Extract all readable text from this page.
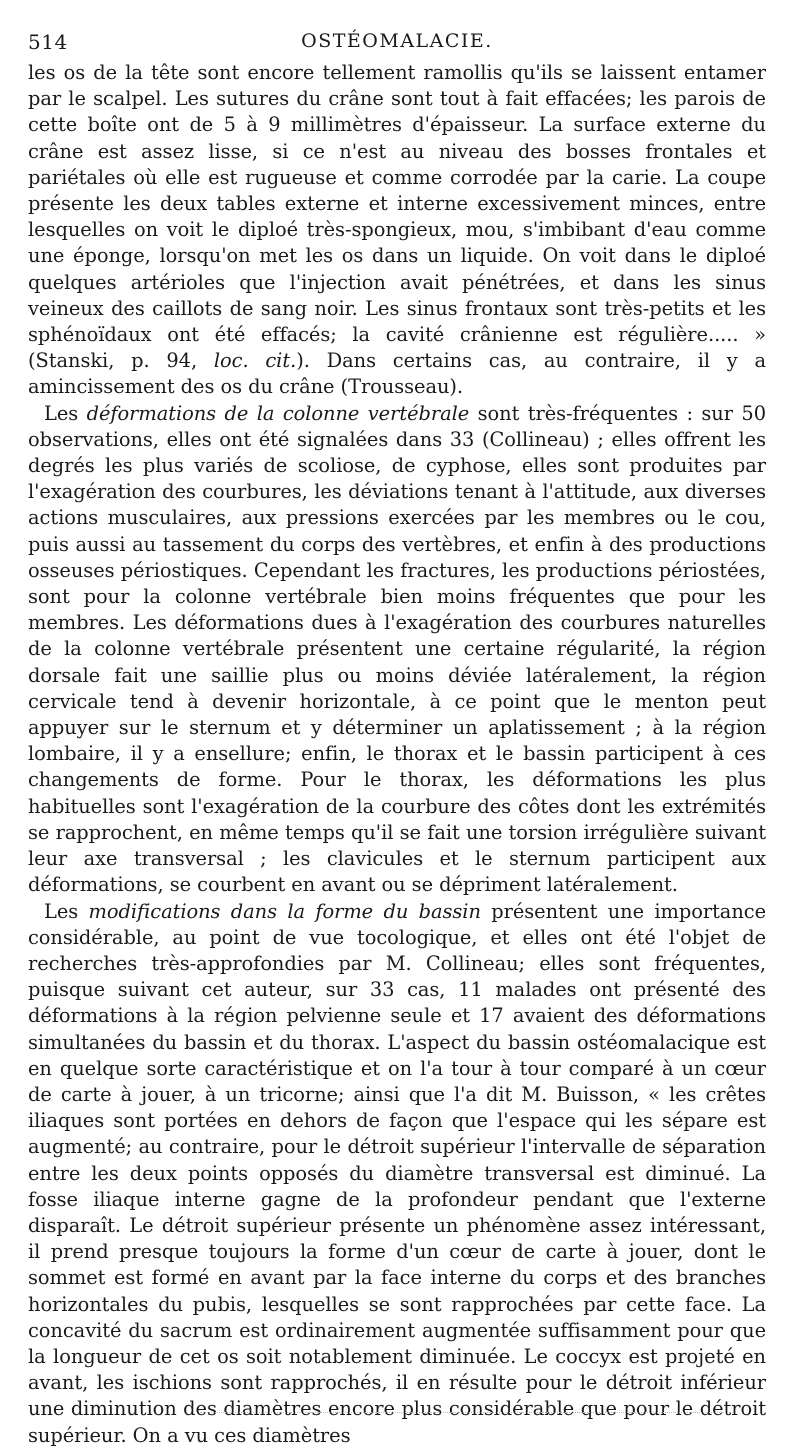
514	OSTÉOMALACIE.

les os de la tête sont encore tellement ramollis qu'ils se laissent entamer par le scalpel. Les sutures du crâne sont tout à fait effacées; les parois de cette boîte ont de 5 à 9 millimètres d'épaisseur. La surface externe du crâne est assez lisse, si ce n'est au niveau des bosses frontales et pariétales où elle est rugueuse et comme corrodée par la carie. La coupe présente les deux tables externe et interne excessivement minces, entre lesquelles on voit le diploé très-spongieux, mou, s'imbibant d'eau comme une éponge, lorsqu'on met les os dans un liquide. On voit dans le diploé quelques artérioles que l'injection avait pénétrées, et dans les sinus veineux des caillots de sang noir. Les sinus frontaux sont très-petits et les sphénoïdaux ont été effacés; la cavité crânienne est régulière..... » (Stanski, p. 94, loc. cit.). Dans certains cas, au contraire, il y a amincissement des os du crâne (Trousseau).

Les déformations de la colonne vertébrale sont très-fréquentes : sur 50 observations, elles ont été signalées dans 33 (Collineau) ; elles offrent les degrés les plus variés de scoliose, de cyphose, elles sont produites par l'exagération des courbures, les déviations tenant à l'attitude, aux diverses actions musculaires, aux pressions exercées par les membres ou le cou, puis aussi au tassement du corps des vertèbres, et enfin à des productions osseuses périostiques. Cependant les fractures, les productions périostées, sont pour la colonne vertébrale bien moins fréquentes que pour les membres. Les déformations dues à l'exagération des courbures naturelles de la colonne vertébrale présentent une certaine régularité, la région dorsale fait une saillie plus ou moins déviée latéralement, la région cervicale tend à devenir horizontale, à ce point que le menton peut appuyer sur le sternum et y déterminer un aplatissement ; à la région lombaire, il y a ensellure; enfin, le thorax et le bassin participent à ces changements de forme. Pour le thorax, les déformations les plus habituelles sont l'exagération de la courbure des côtes dont les extrémités se rapprochent, en même temps qu'il se fait une torsion irrégulière suivant leur axe transversal ; les clavicules et le sternum participent aux déformations, se courbent en avant ou se dépriment latéralement.

Les modifications dans la forme du bassin présentent une importance considérable, au point de vue tocologique, et elles ont été l'objet de recherches très-approfondies par M. Collineau; elles sont fréquentes, puisque suivant cet auteur, sur 33 cas, 11 malades ont présenté des déformations à la région pelvienne seule et 17 avaient des déformations simultanées du bassin et du thorax. L'aspect du bassin ostéomalacique est en quelque sorte caractéristique et on l'a tour à tour comparé à un cœur de carte à jouer, à un tricorne; ainsi que l'a dit M. Buisson, « les crêtes iliaques sont portées en dehors de façon que l'espace qui les sépare est augmenté; au contraire, pour le détroit supérieur l'intervalle de séparation entre les deux points opposés du diamètre transversal est diminué. La fosse iliaque interne gagne de la profondeur pendant que l'externe disparaît. Le détroit supérieur présente un phénomène assez intéressant, il prend presque toujours la forme d'un cœur de carte à jouer, dont le sommet est formé en avant par la face interne du corps et des branches horizontales du pubis, lesquelles se sont rapprochées par cette face. La concavité du sacrum est ordinairement augmentée suffisamment pour que la longueur de cet os soit notablement diminuée. Le coccyx est projeté en avant, les ischions sont rapprochés, il en résulte pour le détroit inférieur une diminution des diamètres encore plus considérable que pour le détroit supérieur. On a vu ces diamètres
